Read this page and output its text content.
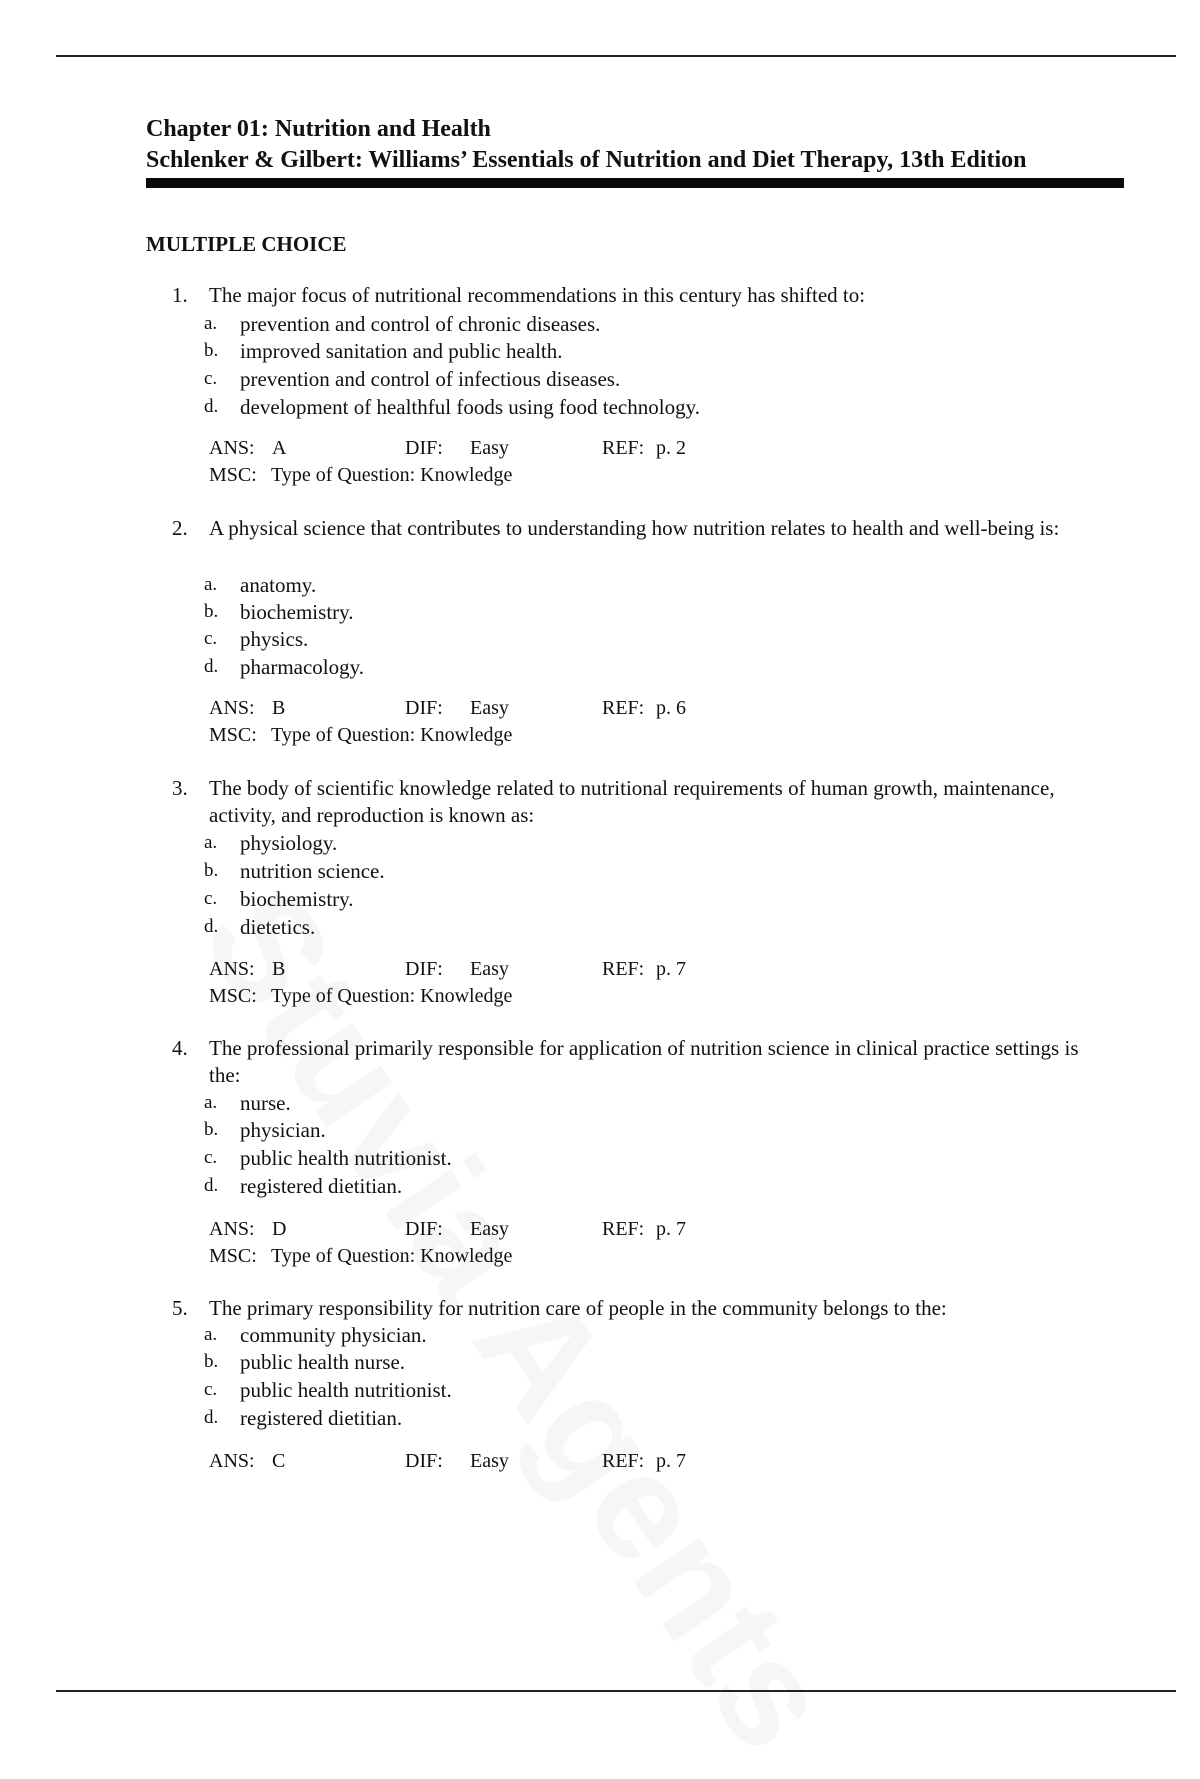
Chapter 01: Nutrition and Health
Schlenker & Gilbert: Williams’ Essentials of Nutrition and Diet Therapy, 13th Edition
MULTIPLE CHOICE
1. The major focus of nutritional recommendations in this century has shifted to:
a. prevention and control of chronic diseases.
b. improved sanitation and public health.
c. prevention and control of infectious diseases.
d. development of healthful foods using food technology.
ANS: A	DIF: Easy	REF: p. 2
MSC: Type of Question: Knowledge
2. A physical science that contributes to understanding how nutrition relates to health and well-being is:
a. anatomy.
b. biochemistry.
c. physics.
d. pharmacology.
ANS: B	DIF: Easy	REF: p. 6
MSC: Type of Question: Knowledge
3. The body of scientific knowledge related to nutritional requirements of human growth, maintenance, activity, and reproduction is known as:
a. physiology.
b. nutrition science.
c. biochemistry.
d. dietetics.
ANS: B	DIF: Easy	REF: p. 7
MSC: Type of Question: Knowledge
4. The professional primarily responsible for application of nutrition science in clinical practice settings is the:
a. nurse.
b. physician.
c. public health nutritionist.
d. registered dietitian.
ANS: D	DIF: Easy	REF: p. 7
MSC: Type of Question: Knowledge
5. The primary responsibility for nutrition care of people in the community belongs to the:
a. community physician.
b. public health nurse.
c. public health nutritionist.
d. registered dietitian.
ANS: C	DIF: Easy	REF: p. 7
